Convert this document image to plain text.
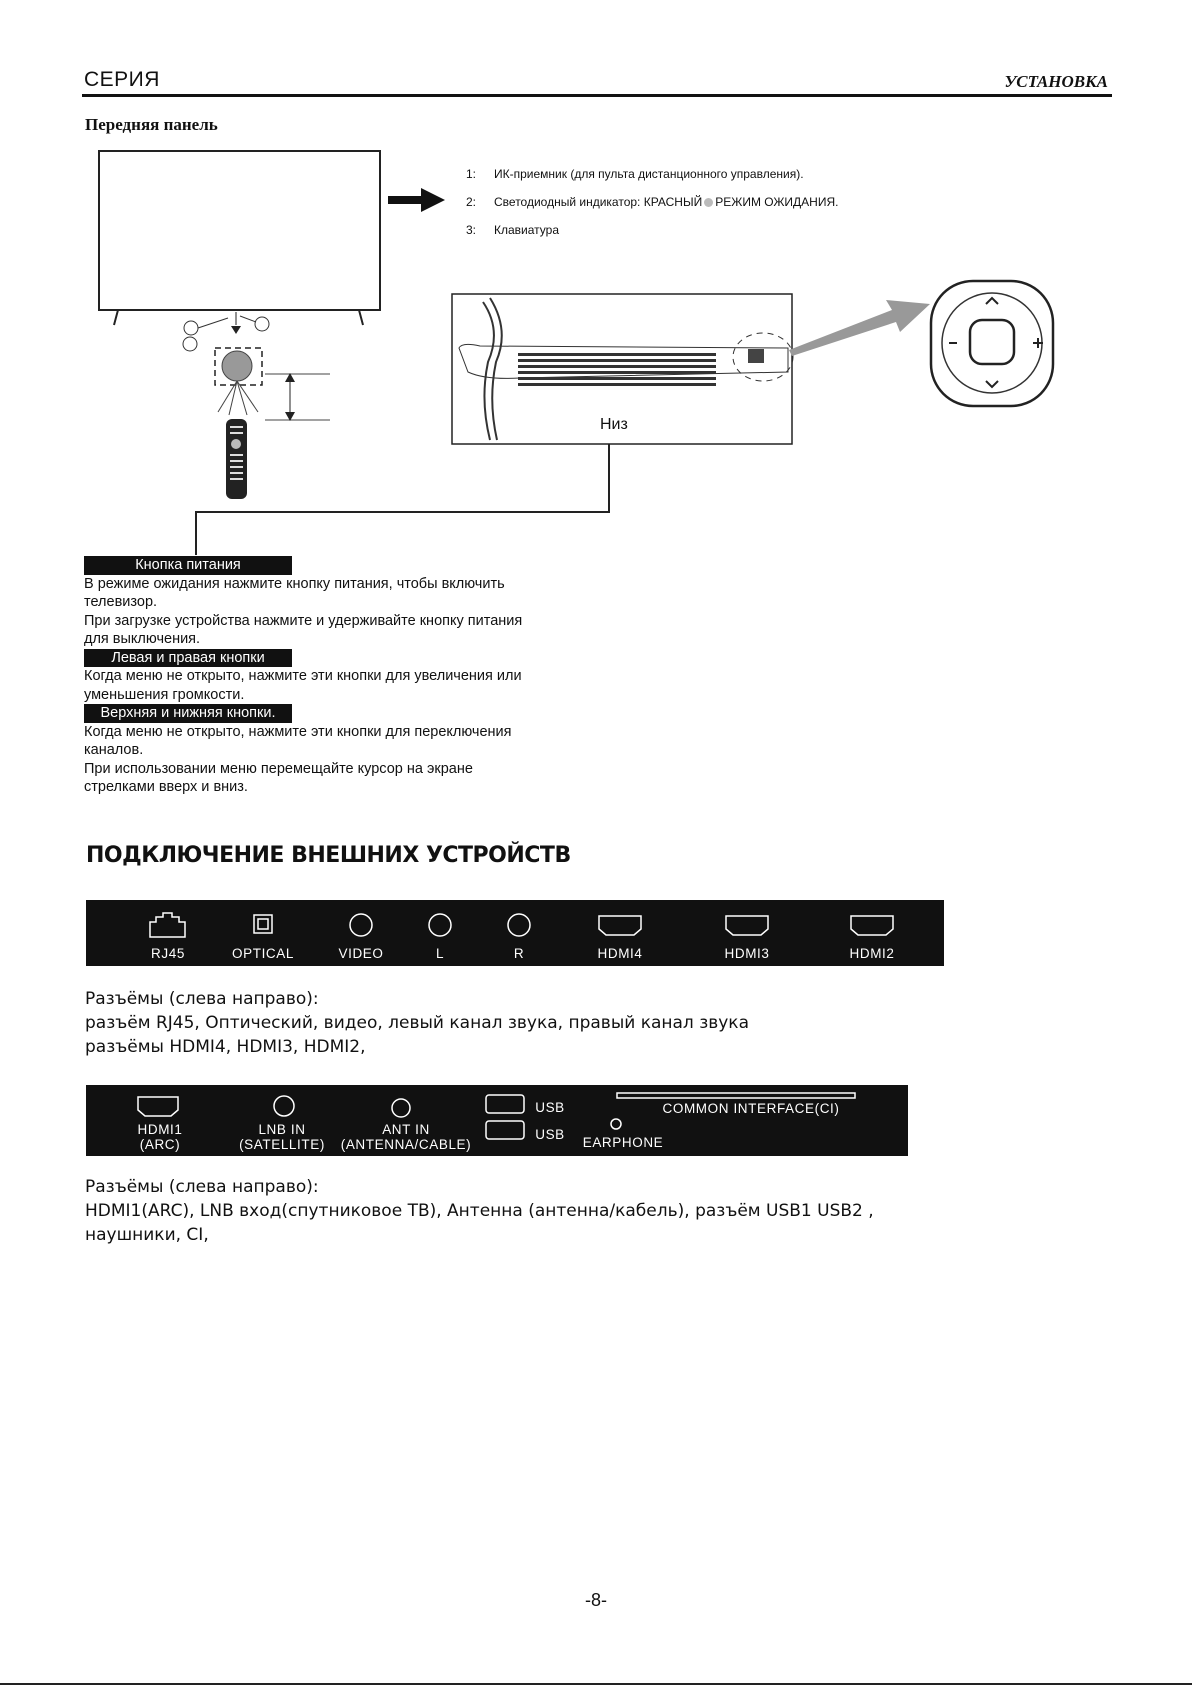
СЕРИЯ	УСТАНОВКА
Передняя панель
1: ИК-приемник (для пульта дистанционного управления).
2: Светодиодный индикатор: КРАСНЫЙ РЕЖИМ ОЖИДАНИЯ.
3: Клавиатура
Низ
Кнопка питания

В режиме ожидания нажмите кнопку питания, чтобы включить

телевизор.

При загрузке устройства нажмите и удерживайте кнопку питания

для выключения.

Левая и правая кнопки

Когда меню не открыто, нажмите эти кнопки для увеличения или

уменьшения громкости.

Верхняя и нижняя кнопки.

Когда меню не открыто, нажмите эти кнопки для переключения

каналов.

При использовании меню перемещайте курсор на экране

стрелками вверх и вниз.

ПОДКЛЮЧЕНИЕ ВНЕШНИХ УСТРОЙСТВ
RJ45	OPTICAL	VIDEO	L	R	HDMI4	HDMI3	HDMI2
Разъёмы (слева направо):
разъём RJ45, Оптический, видео, левый канал звука, правый канал звука
разъёмы HDMI4, HDMI3, HDMI2,
HDMI1
(ARC)
LNB IN
(SATELLITE)
ANT IN
(ANTENNA/CABLE)
USB
USB
EARPHONE
COMMON INTERFACE(CI)
Разъёмы (слева направо):
HDMI1(ARC), LNB вход(спутниковое ТВ), Антенна (антенна/кабель), разъём USB1 USB2 ,
наушники, CI,
-8-
